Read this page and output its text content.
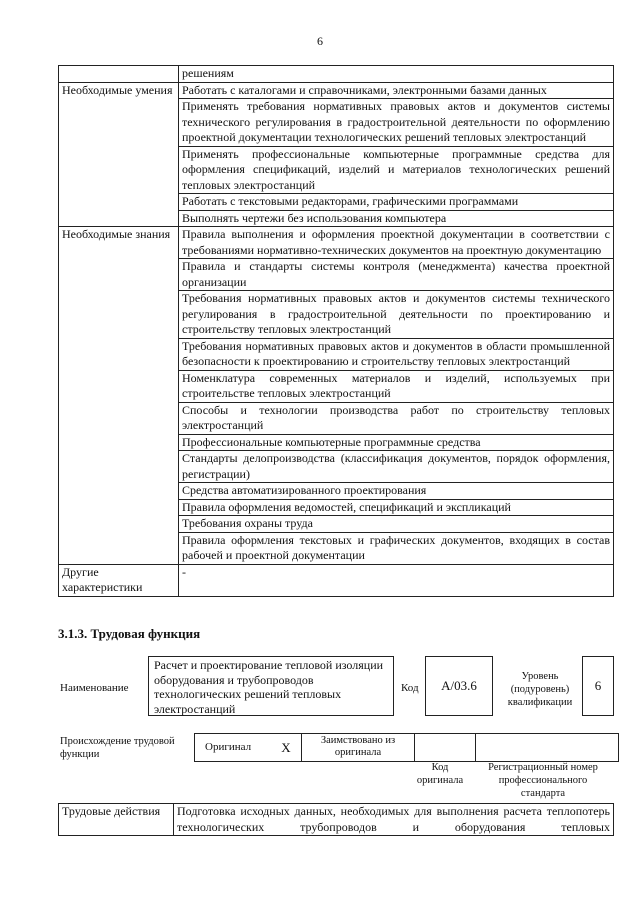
6
	решениям
Необходимые умения	Работать с каталогами и справочниками, электронными базами данных
	Применять требования нормативных правовых актов и документов системы технического регулирования в градостроительной деятельности по оформлению проектной документации технологических решений тепловых электростанций
	Применять профессиональные компьютерные программные средства для оформления спецификаций, изделий и материалов технологических решений тепловых электростанций
	Работать с текстовыми редакторами, графическими программами
	Выполнять чертежи без использования компьютера
Необходимые знания	Правила выполнения и оформления проектной документации в соответствии с требованиями нормативно-технических документов на проектную документацию
	Правила и стандарты системы контроля (менеджмента) качества проектной организации
	Требования нормативных правовых актов и документов системы технического регулирования в градостроительной деятельности по проектированию и строительству тепловых электростанций
	Требования нормативных правовых актов и документов в области промышленной безопасности к проектированию и строительству тепловых электростанций
	Номенклатура современных материалов и изделий, используемых при строительстве тепловых электростанций
	Способы и технологии производства работ по строительству тепловых электростанций
	Профессиональные компьютерные программные средства
	Стандарты делопроизводства (классификация документов, порядок оформления, регистрации)
	Средства автоматизированного проектирования
	Правила оформления ведомостей, спецификаций и экспликаций
	Требования охраны труда
	Правила оформления текстовых и графических документов, входящих в состав рабочей и проектной документации
Другие характеристики	-
3.1.3. Трудовая функция
Наименование
Расчет и проектирование тепловой изоляции оборудования и трубопроводов технологических решений тепловых электростанций
Код	A/03.6
Уровень (подуровень) квалификации
6
Происхождение трудовой функции
Оригинал	X	Заимствовано из оригинала		
Код оригинала
Регистрационный номер профессионального стандарта
Трудовые действия	Подготовка исходных данных, необходимых для выполнения расчета теплопотерь технологических трубопроводов и оборудования тепловых
